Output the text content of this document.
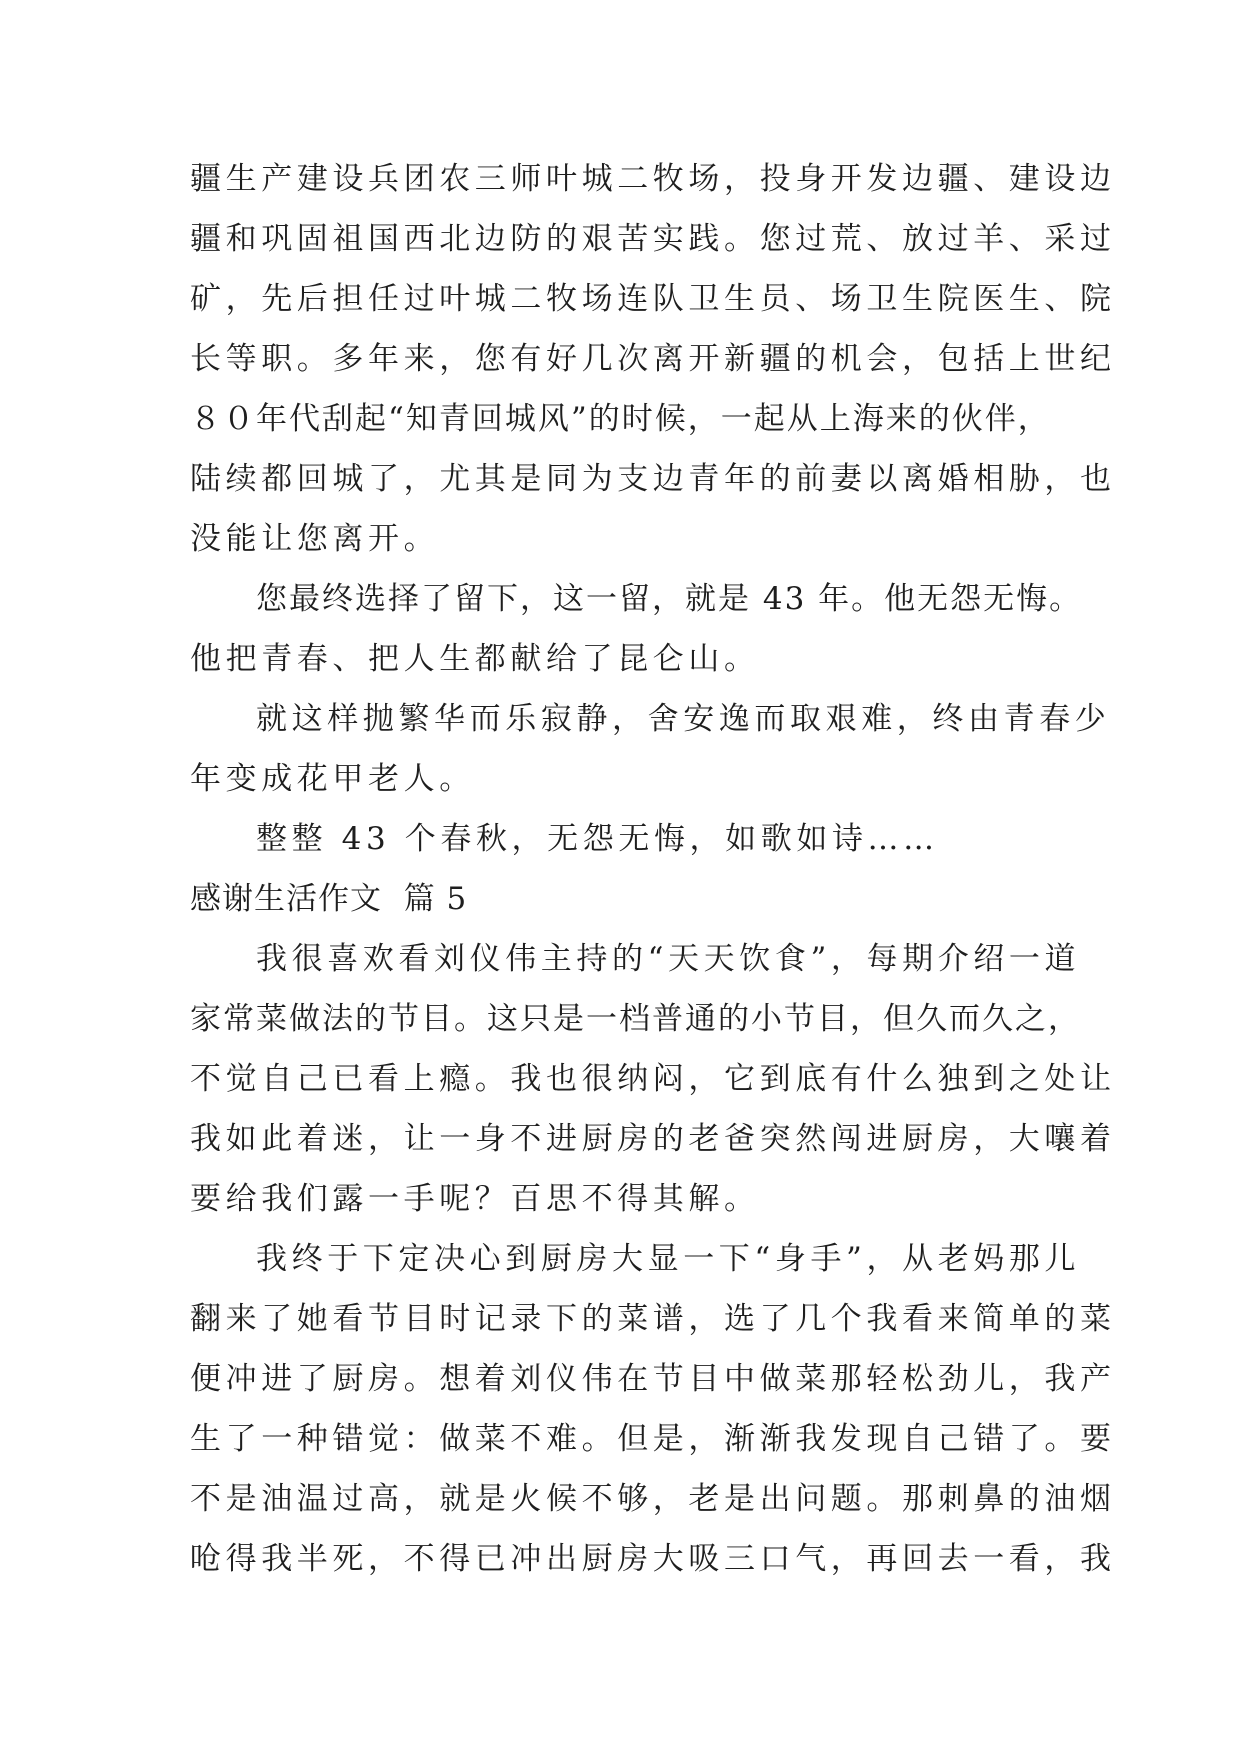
疆生产建设兵团农三师叶城二牧场，投身开发边疆、建设边
疆和巩固祖国西北边防的艰苦实践。您过荒、放过羊、采过
矿，先后担任过叶城二牧场连队卫生员、场卫生院医生、院
长等职。多年来，您有好几次离开新疆的机会，包括上世纪
８０年代刮起“知青回城风”的时候，一起从上海来的伙伴，
陆续都回城了，尤其是同为支边青年的前妻以离婚相胁，也
没能让您离开。
您最终选择了留下，这一留，就是 43 年。他无怨无悔。
他把青春、把人生都献给了昆仑山。
就这样抛繁华而乐寂静，舍安逸而取艰难，终由青春少
年变成花甲老人。
整整 43 个春秋，无怨无悔，如歌如诗……
感谢生活作文  篇 5
我很喜欢看刘仪伟主持的“天天饮食”，每期介绍一道
家常菜做法的节目。这只是一档普通的小节目，但久而久之，
不觉自己已看上瘾。我也很纳闷，它到底有什么独到之处让
我如此着迷，让一身不进厨房的老爸突然闯进厨房，大嚷着
要给我们露一手呢？百思不得其解。
我终于下定决心到厨房大显一下“身手”，从老妈那儿
翻来了她看节目时记录下的菜谱，选了几个我看来简单的菜
便冲进了厨房。想着刘仪伟在节目中做菜那轻松劲儿，我产
生了一种错觉：做菜不难。但是，渐渐我发现自己错了。要
不是油温过高，就是火候不够，老是出问题。那刺鼻的油烟
呛得我半死，不得已冲出厨房大吸三口气，再回去一看，我
